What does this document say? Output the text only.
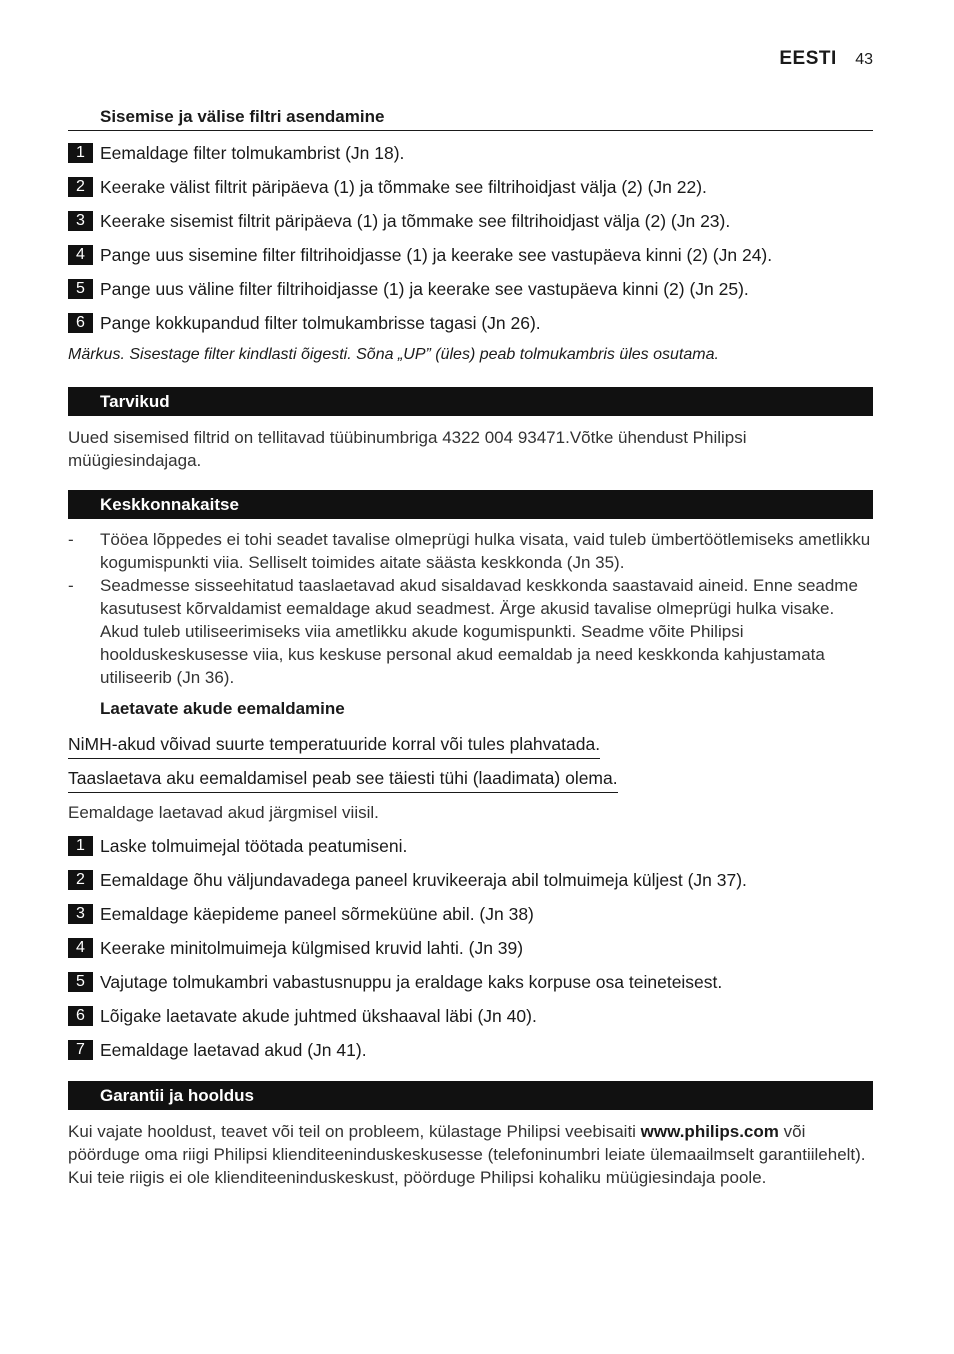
EESTI 43
Sisemise ja välise filtri asendamine
1 Eemaldage filter tolmukambrist (Jn 18).
2 Keerake välist filtrit päripäeva (1) ja tõmmake see filtrihoidjast välja (2) (Jn 22).
3 Keerake sisemist filtrit päripäeva (1) ja tõmmake see filtrihoidjast välja (2) (Jn 23).
4 Pange uus sisemine filter filtrihoidjasse (1) ja keerake see vastupäeva kinni (2) (Jn 24).
5 Pange uus väline filter filtrihoidjasse (1) ja keerake see vastupäeva kinni (2) (Jn 25).
6 Pange kokkupandud filter tolmukambrisse tagasi (Jn 26).
Märkus. Sisestage filter kindlasti õigesti. Sõna „UP” (üles) peab tolmukambris üles osutama.
Tarvikud
Uued sisemised filtrid on tellitavad tüübinumbriga 4322 004 93471.Võtke ühendust Philipsi müügiesindajaga.
Keskkonnakaitse
- Tööea lõppedes ei tohi seadet tavalise olmeprügi hulka visata, vaid tuleb ümbertöötlemiseks ametlikku kogumispunkti viia. Selliselt toimides aitate säästa keskkonda (Jn 35).
- Seadmesse sisseehitatud taaslaetavad akud sisaldavad keskkonda saastavaid aineid. Enne seadme kasutusest kõrvaldamist eemaldage akud seadmest. Ärge akusid tavalise olmeprügi hulka visake. Akud tuleb utiliseerimiseks viia ametlikku akude kogumispunkti. Seadme võite Philipsi hoolduskeskusesse viia, kus keskuse personal akud eemaldab ja need keskkonda kahjustamata utiliseerib (Jn 36).
Laetavate akude eemaldamine
NiMH-akud võivad suurte temperatuuride korral või tules plahvatada.
Taaslaetava aku eemaldamisel peab see täiesti tühi (laadimata) olema.
Eemaldage laetavad akud järgmisel viisil.
1 Laske tolmuimejal töötada peatumiseni.
2 Eemaldage õhu väljundavadega paneel kruvikeeraja abil tolmuimeja küljest (Jn 37).
3 Eemaldage käepideme paneel sõrmeküüne abil. (Jn 38)
4 Keerake minitolmuimeja külgmised kruvid lahti. (Jn 39)
5 Vajutage tolmukambri vabastusnuppu ja eraldage kaks korpuse osa teineteisest.
6 Lõigake laetavate akude juhtmed ükshaaval läbi (Jn 40).
7 Eemaldage laetavad akud (Jn 41).
Garantii ja hooldus
Kui vajate hooldust, teavet või teil on probleem, külastage Philipsi veebisaiti www.philips.com või pöörduge oma riigi Philipsi klienditeeninduskeskusesse (telefoninumbri leiate ülemaailmselt garantiilehelt). Kui teie riigis ei ole klienditeeninduskeskust, pöörduge Philipsi kohaliku müügiesindaja poole.
